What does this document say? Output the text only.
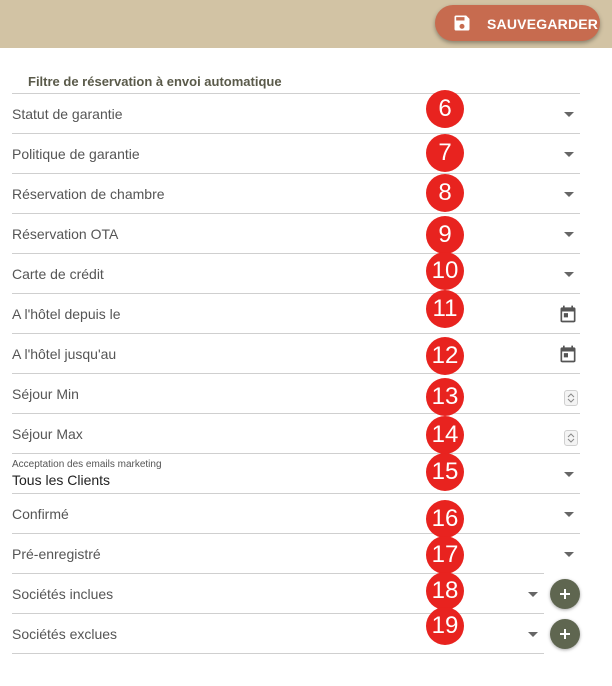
SAUVEGARDER
Filtre de réservation à envoi automatique
Statut de garantie
Politique de garantie
Réservation de chambre
Réservation OTA
Carte de crédit
A l'hôtel depuis le
A l'hôtel jusqu'au
Séjour Min
Séjour Max
Acceptation des emails marketing
Tous les Clients
Confirmé
Pré-enregistré
Sociétés inclues
Sociétés exclues
6
7
8
9
10
11
12
13
14
15
16
17
18
19
